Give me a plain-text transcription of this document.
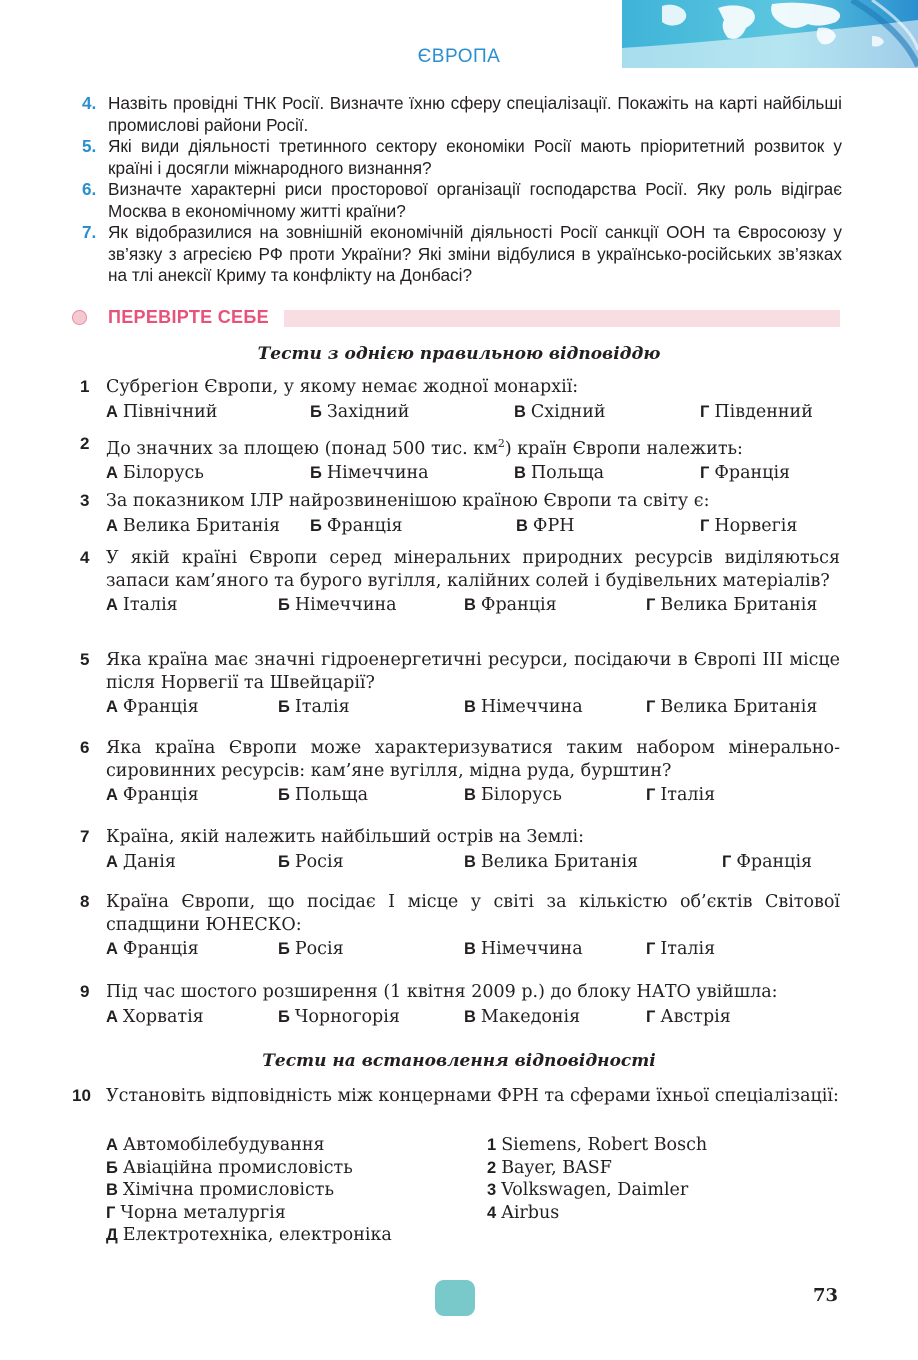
ЄВРОПА
4. Назвіть провідні ТНК Росії. Визначте їхню сферу спеціалізації. Покажіть на карті найбільші промислові райони Росії.
5. Які види діяльності третинного сектору економіки Росії мають пріоритетний розвиток у країні і досягли міжнародного визнання?
6. Визначте характерні риси просторової організації господарства Росії. Яку роль відіграє Москва в економічному житті країни?
7. Як відобразилися на зовнішній економічній діяльності Росії санкції ООН та Євросоюзу у зв’язку з агресією РФ проти України? Які зміни відбулися в українсько-російських зв’язках на тлі анексії Криму та конфлікту на Донбасі?
ПЕРЕВІРТЕ СЕБЕ
Тести з однією правильною відповіддю
1 Субрегіон Європи, у якому немає жодної монархії:
А Північний	Б Західний	В Східний	Г Південний
2 До значних за площею (понад 500 тис. $км^2$) країн Європи належить:
А Білорусь	Б Німеччина	В Польща	Г Франція
3 За показником ІЛР найрозвиненішою країною Європи та світу є:
А Велика Британія Б Франція	В ФРН	Г Норвегія
4 У якій країні Європи серед мінеральних природних ресурсів виділяються запаси кам’яного та бурого вугілля, калійних солей і будівельних матеріалів?
А Італія	Б Німеччина	В Франція	Г Велика Британія
5 Яка країна має значні гідроенергетичні ресурси, посідаючи в Європі ІІІ місце після Норвегії та Швейцарії?
А Франція	Б Італія	В Німеччина	Г Велика Британія
6 Яка країна Європи може характеризуватися таким набором мінерально-сировинних ресурсів: кам’яне вугілля, мідна руда, бурштин?
А Франція	Б Польща	В Білорусь	Г Італія
7 Країна, якій належить найбільший острів на Землі:
А Данія	Б Росія	В Велика Британія	Г Франція
8 Країна Європи, що посідає І місце у світі за кількістю об’єктів Світової спадщини ЮНЕСКО:
А Франція	Б Росія	В Німеччина	Г Італія
9 Під час шостого розширення (1 квітня 2009 р.) до блоку НАТО увійшла:
А Хорватія	Б Чорногорія	В Македонія	Г Австрія
Тести на встановлення відповідності
10 Установіть відповідність між концернами ФРН та сферами їхньої спеціалізації:
А Автомобілебудування	1 Siemens, Robert Bosch
Б Авіаційна промисловість	2 Bayer, BASF
В Хімічна промисловість	3 Volkswagen, Daimler
Г Чорна металургія	4 Airbus
Д Електротехніка, електроніка
73
